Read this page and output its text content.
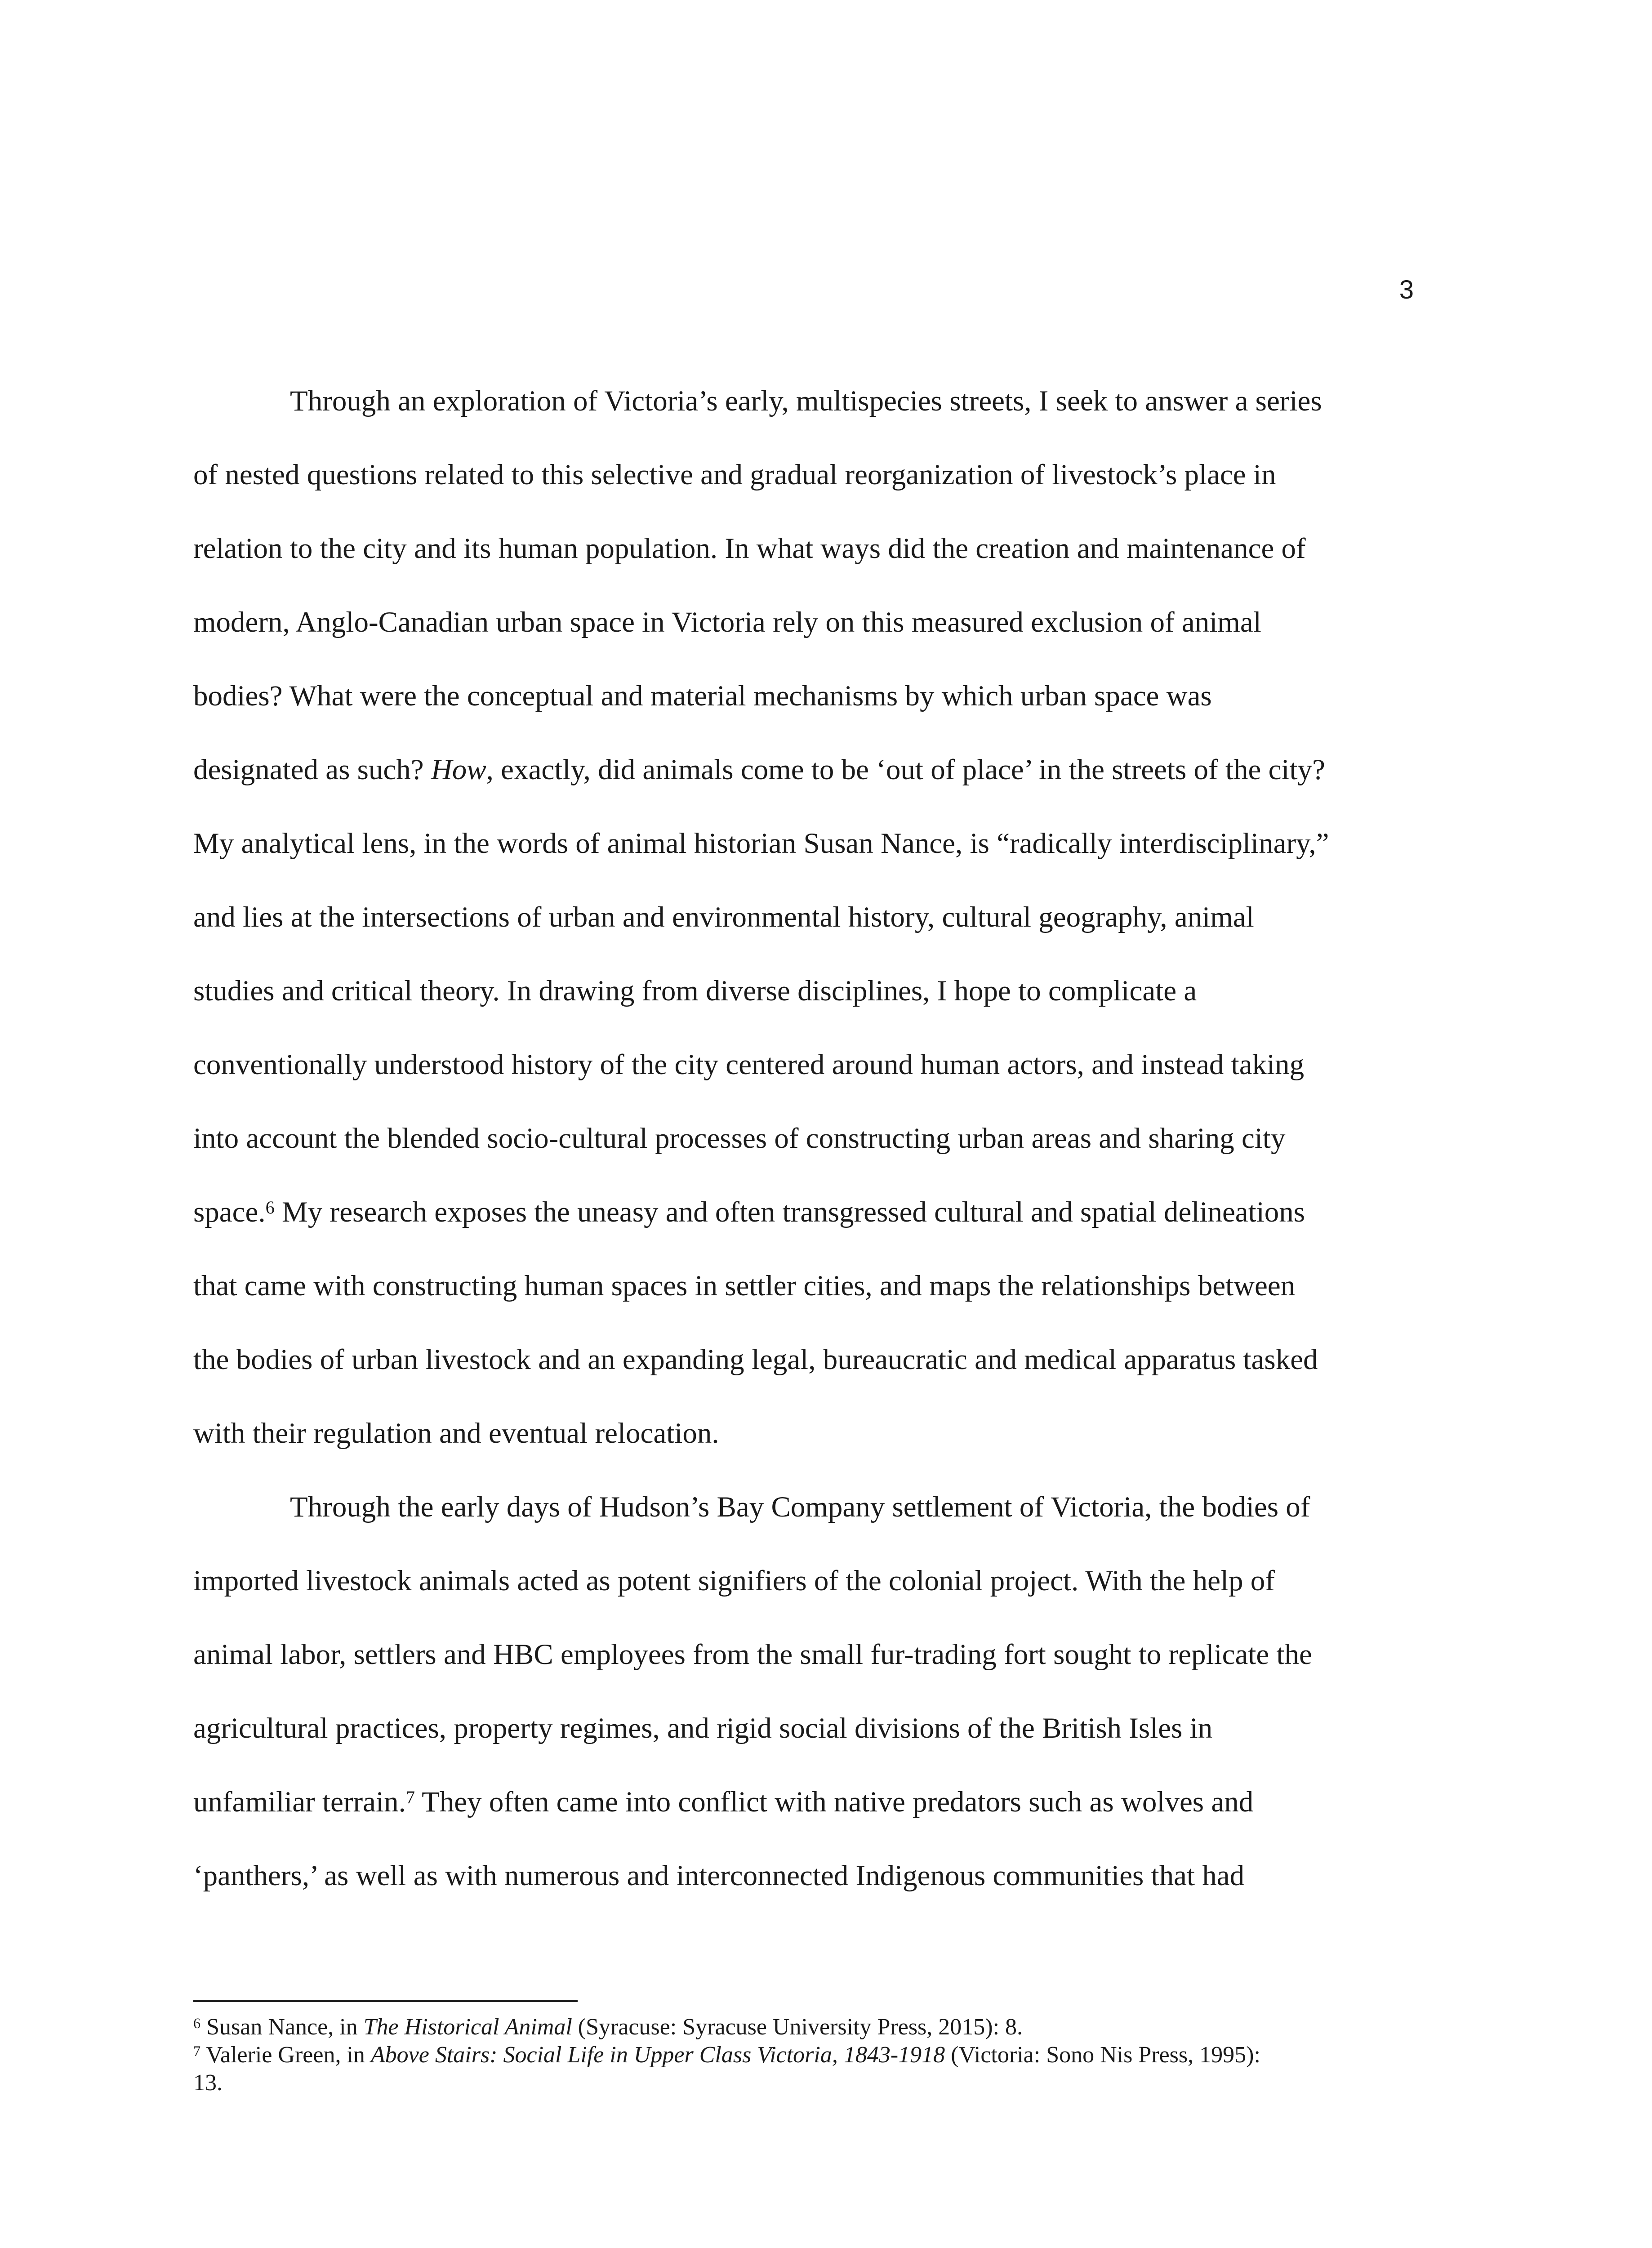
3
Through an exploration of Victoria’s early, multispecies streets, I seek to answer a series
of nested questions related to this selective and gradual reorganization of livestock’s place in
relation to the city and its human population. In what ways did the creation and maintenance of
modern, Anglo-Canadian urban space in Victoria rely on this measured exclusion of animal
bodies? What were the conceptual and material mechanisms by which urban space was
designated as such? How, exactly, did animals come to be ‘out of place’ in the streets of the city?
My analytical lens, in the words of animal historian Susan Nance, is “radically interdisciplinary,”
and lies at the intersections of urban and environmental history, cultural geography, animal
studies and critical theory. In drawing from diverse disciplines, I hope to complicate a
conventionally understood history of the city centered around human actors, and instead taking
into account the blended socio-cultural processes of constructing urban areas and sharing city
space.$^6$ My research exposes the uneasy and often transgressed cultural and spatial delineations
that came with constructing human spaces in settler cities, and maps the relationships between
the bodies of urban livestock and an expanding legal, bureaucratic and medical apparatus tasked
with their regulation and eventual relocation.
Through the early days of Hudson’s Bay Company settlement of Victoria, the bodies of
imported livestock animals acted as potent signifiers of the colonial project. With the help of
animal labor, settlers and HBC employees from the small fur-trading fort sought to replicate the
agricultural practices, property regimes, and rigid social divisions of the British Isles in
unfamiliar terrain.$^7$ They often came into conflict with native predators such as wolves and
‘panthers,’ as well as with numerous and interconnected Indigenous communities that had
$^6$ Susan Nance, in The Historical Animal (Syracuse: Syracuse University Press, 2015): 8.
$^7$ Valerie Green, in Above Stairs: Social Life in Upper Class Victoria, 1843-1918 (Victoria: Sono Nis Press, 1995):
13.
